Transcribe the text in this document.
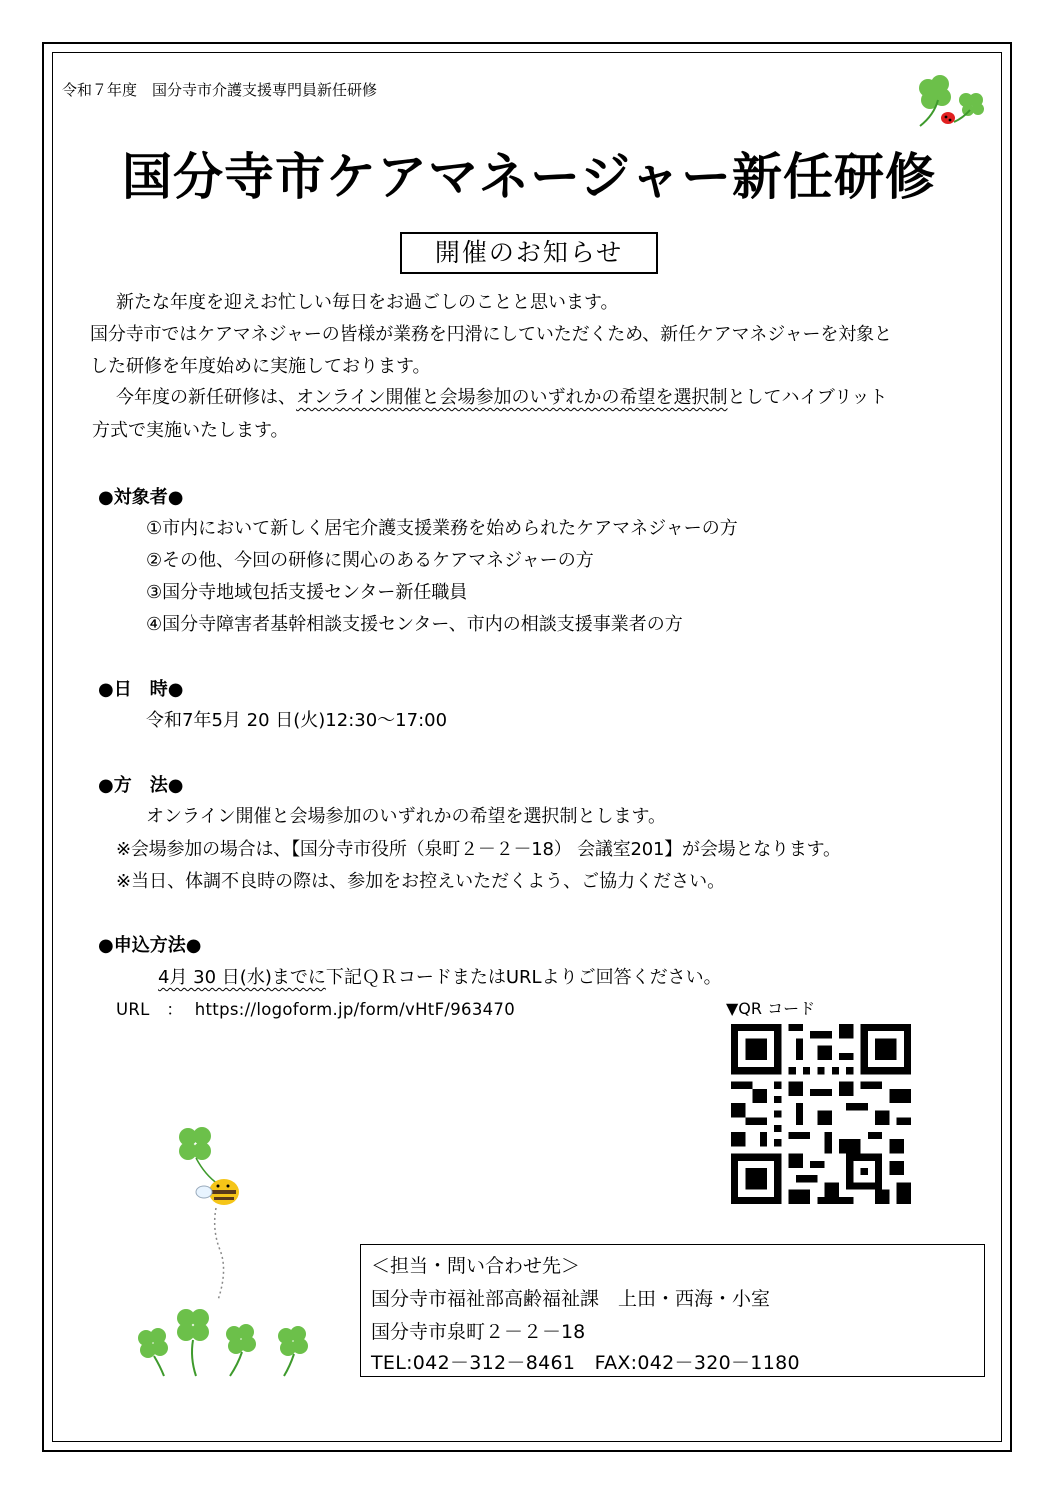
令和７年度　国分寺市介護支援専門員新任研修
国分寺市ケアマネージャー新任研修
開催のお知らせ
新たな年度を迎えお忙しい毎日をお過ごしのことと思います。
国分寺市ではケアマネジャーの皆様が業務を円滑にしていただくため、新任ケアマネジャーを対象と
した研修を年度始めに実施しております。
今年度の新任研修は、オンライン開催と会場参加のいずれかの希望を選択制としてハイブリット
方式で実施いたします。
●対象者●
①市内において新しく居宅介護支援業務を始められたケアマネジャーの方
②その他、今回の研修に関心のあるケアマネジャーの方
③国分寺地域包括支援センター新任職員
④国分寺障害者基幹相談支援センター、市内の相談支援事業者の方
●日　時●
令和7年5月 20 日(火)12:30～17:00
●方　法●
オンライン開催と会場参加のいずれかの希望を選択制とします。
※会場参加の場合は、【国分寺市役所（泉町２－２－18） 会議室201】が会場となります。
※当日、体調不良時の際は、参加をお控えいただくよう、ご協力ください。
●申込方法●
4月 30 日(水)までに下記ＱＲコードまたはURLよりご回答ください。
URL　： https://logoform.jp/form/vHtF/963470	▼QR コード
＜担当・問い合わせ先＞
国分寺市福祉部高齢福祉課　上田・西海・小室
国分寺市泉町２－２－18
TEL:042－312－8461　FAX:042－320－1180
